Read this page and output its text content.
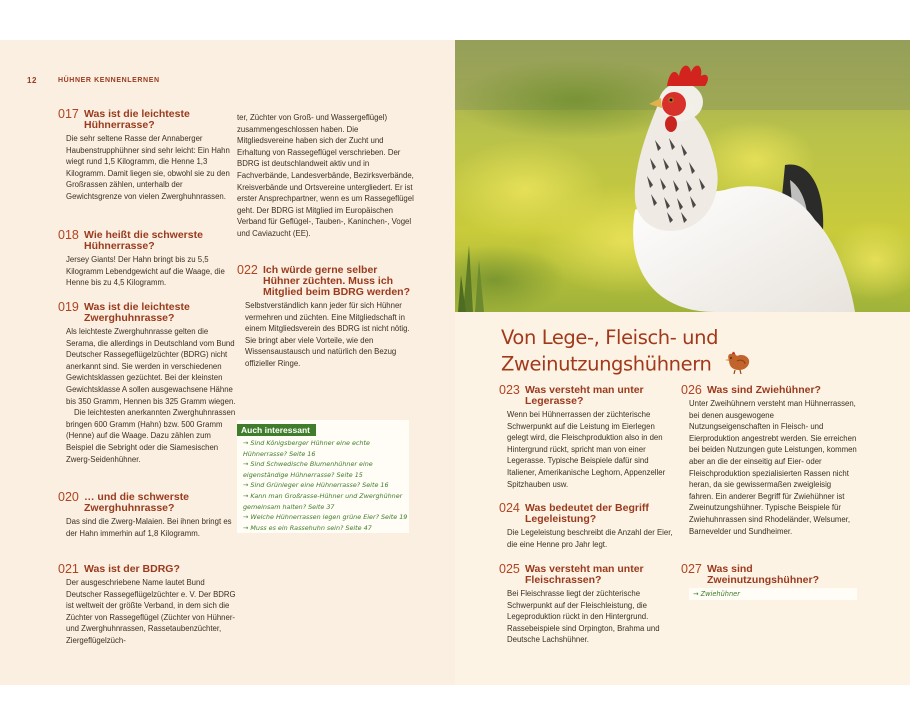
12	HÜHNER KENNENLERNEN
017 Was ist die leichteste Hühnerrasse?
Die sehr seltene Rasse der Annaberger Haubenstrupphühner sind sehr leicht: Ein Hahn wiegt rund 1,5 Kilogramm, die Henne 1,3 Kilogramm. Damit liegen sie, obwohl sie zu den Großrassen zählen, unterhalb der Gewichtsgrenze von vielen Zwerghuhnrassen.
018 Wie heißt die schwerste Hühnerrasse?
Jersey Giants! Der Hahn bringt bis zu 5,5 Kilogramm Lebendgewicht auf die Waage, die Henne bis zu 4,5 Kilogramm.
019 Was ist die leichteste Zwerghuhnrasse?

Als leichteste Zwerghuhnrasse gelten die Serama, die allerdings in Deutschland vom Bund Deutscher Rassegeflügelzüchter (BDRG) nicht anerkannt sind. Sie werden in verschiedenen Gewichtsklassen gezüchtet. Bei der kleinsten Gewichtsklasse A sollen ausgewachsene Hähne bis 350 Gramm, Hennen bis 325 Gramm wiegen.

Die leichtesten anerkannten Zwerghuhnrassen bringen 600 Gramm (Hahn) bzw. 500 Gramm (Henne) auf die Waage. Dazu zählen zum Beispiel die Sebright oder die Siamesischen Zwerg-Seidenhühner.

020 … und die schwerste Zwerghuhnrasse?
Das sind die Zwerg-Malaien. Bei ihnen bringt es der Hahn immerhin auf 1,8 Kilogramm.
021 Was ist der BDRG?
Der ausgeschriebene Name lautet Bund Deutscher Rassegeflügelzüchter e. V. Der BDRG ist weltweit der größte Verband, in dem sich die Züchter von Rassegeflügel (Züchter von Hühner- und Zwerghuhnrassen, Rassetaubenzüchter, Ziergeflügelzüch-
ter, Züchter von Groß- und Wassergeflügel) zusammengeschlossen haben. Die Mitgliedsvereine haben sich der Zucht und Erhaltung von Rassegeflügel verschrieben. Der BDRG ist deutschlandweit aktiv und in Fachverbände, Landesverbände, Bezirksverbände, Kreisverbände und Ortsvereine untergliedert. Er ist erster Ansprechpartner, wenn es um Rassegeflügel geht. Der BDRG ist Mitglied im Europäischen Verband für Geflügel-, Tauben-, Kaninchen-, Vogel und Caviazucht (EE).
022 Ich würde gerne selber Hühner züchten. Muss ich Mitglied beim BDRG werden?
Selbstverständlich kann jeder für sich Hühner vermehren und züchten. Eine Mitgliedschaft in einem Mitgliedsverein des BDRG ist nicht nötig. Sie bringt aber viele Vorteile, wie den Wissensaustausch und natürlich den Bezug offizieller Ringe.
Auch interessant
→ Sind Königsberger Hühner eine echte Hühnerrasse? Seite 16
→ Sind Schwedische Blumenhühner eine eigenständige Hühnerrasse? Seite 15
→ Sind Grünleger eine Hühnerrasse? Seite 16
→ Kann man Großrasse-Hühner und Zwerghühner gemeinsam halten? Seite 37
→ Welche Hühnerrassen legen grüne Eier? Seite 19
→ Muss es ein Rassehuhn sein? Seite 47
Von Lege-, Fleisch- und Zweinutzungshühnern
023 Was versteht man unter Legerasse?
Wenn bei Hühnerrassen der züchterische Schwerpunkt auf die Leistung im Eierlegen gelegt wird, die Fleischproduktion also in den Hintergrund rückt, spricht man von einer Legerasse. Typische Beispiele dafür sind Italiener, Amerikanische Leghorn, Appenzeller Spitzhauben usw.
024 Was bedeutet der Begriff Legeleistung?
Die Legeleistung beschreibt die Anzahl der Eier, die eine Henne pro Jahr legt.
025 Was versteht man unter Fleischrassen?
Bei Fleischrasse liegt der züchterische Schwerpunkt auf der Fleischleistung, die Legeproduktion rückt in den Hintergrund. Rassebeispiele sind Orpington, Brahma und Deutsche Lachshühner.
026 Was sind Zwiehühner?
Unter Zweihühnern versteht man Hühnerrassen, bei denen ausgewogene Nutzungseigenschaften in Fleisch- und Eierproduktion angestrebt werden. Sie erreichen bei beiden Nutzungen gute Leistungen, kommen aber an die der einseitig auf Eier- oder Fleischproduktion spezialisierten Rassen nicht heran, da sie gewissermaßen zweigleisig fahren. Ein anderer Begriff für Zwiehühner ist Zweinutzungshühner. Typische Beispiele für Zwiehuhnrassen sind Rhodeländer, Welsumer, Barnevelder und Sundheimer.
027 Was sind Zweinutzungshühner?
→ Zwiehühner
